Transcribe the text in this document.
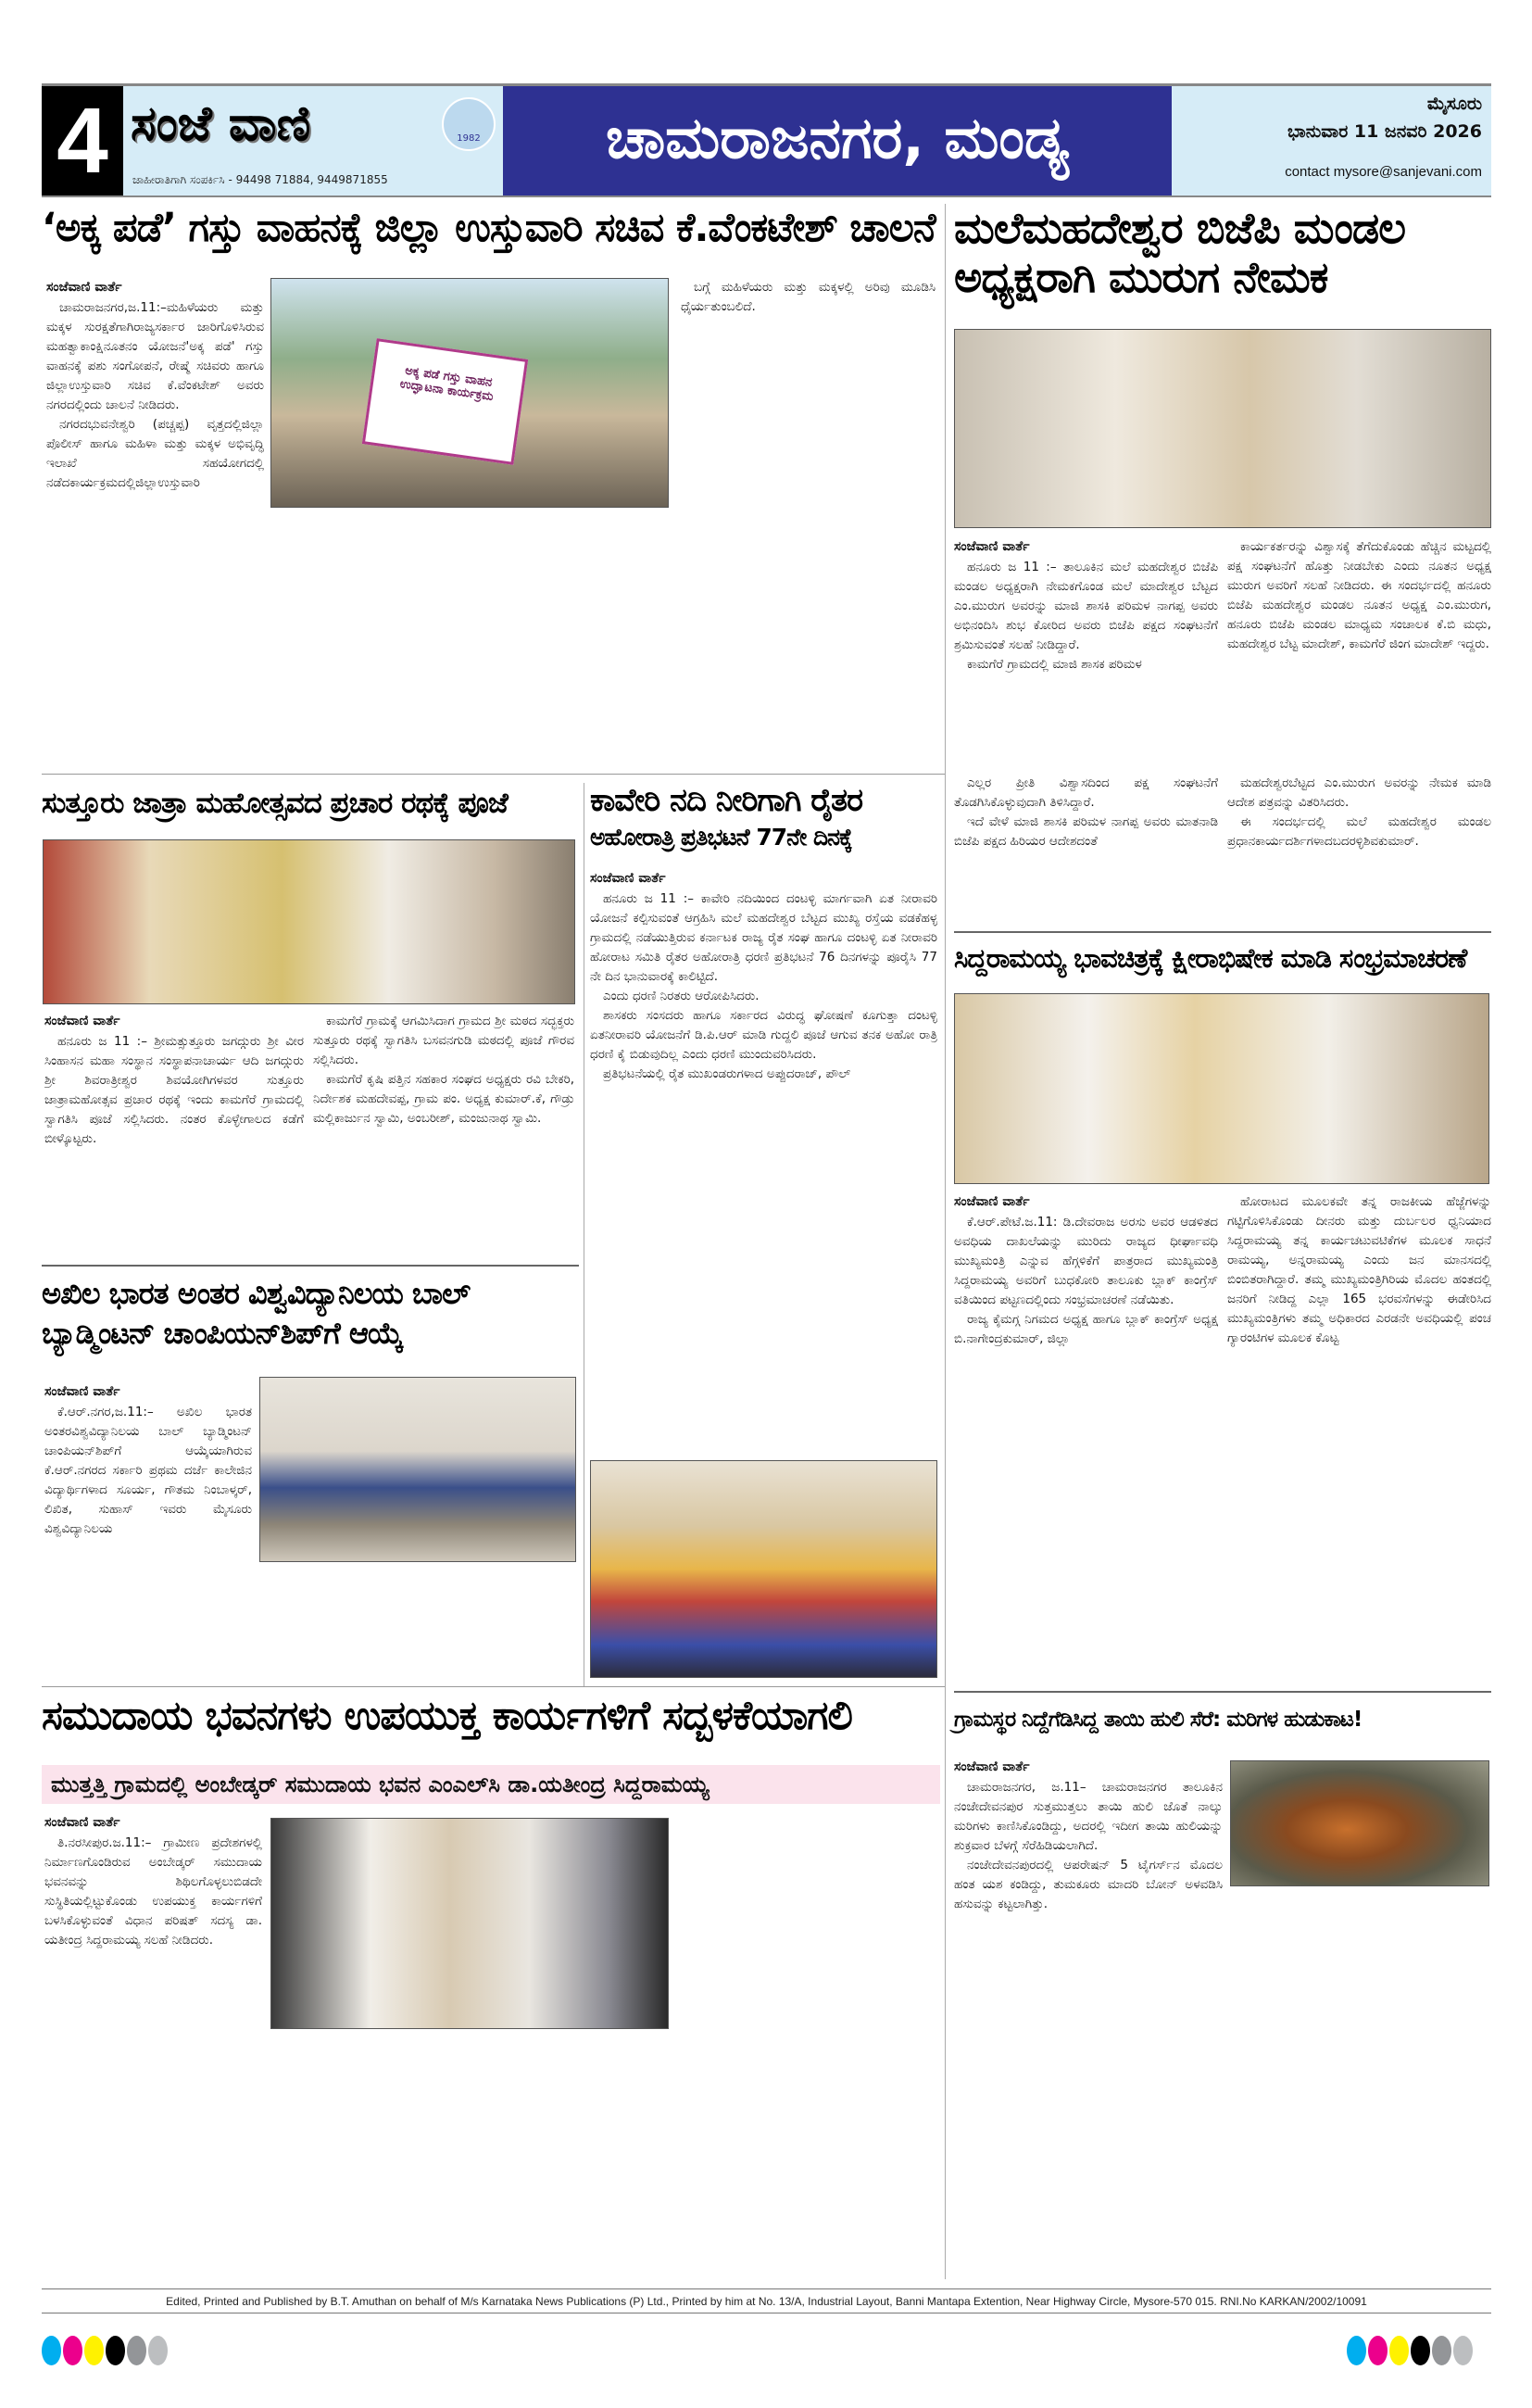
4 ಸಂಜೆ ವಾಣಿ	1982
ಜಾಹೀರಾತಿಗಾಗಿ ಸಂಪರ್ಕಿಸಿ - 94498 71884, 9449871855
ಚಾಮರಾಜನಗರ, ಮಂಡ್ಯ	ಮೈಸೂರು
ಭಾನುವಾರ 11 ಜನವರಿ 2026
contact mysore@sanjevani.com
‘ಅಕ್ಕ ಪಡೆ’ ಗಸ್ತು ವಾಹನಕ್ಕೆ ಜಿಲ್ಲಾ ಉಸ್ತುವಾರಿ ಸಚಿವ ಕೆ.ವೆಂಕಟೇಶ್ ಚಾಲನೆ

ಸಂಜೆವಾಣಿ ವಾರ್ತೆ

ಚಾಮರಾಜನಗರ,ಜ.11:–ಮಹಿಳೆಯರು ಮತ್ತು ಮಕ್ಕಳ ಸುರಕ್ಷತೆಗಾಗಿರಾಜ್ಯಸರ್ಕಾರ ಜಾರಿಗೊಳಿಸಿರುವ ಮಹತ್ವಾಕಾಂಕ್ಷಿನೂತನಂ ಯೋಜನೆ'ಅಕ್ಕ ಪಡೆ' ಗಸ್ತು ವಾಹನಕ್ಕೆ ಪಶು ಸಂಗೋಪನೆ, ರೇಷ್ಮೆ ಸಚಿವರು ಹಾಗೂ ಜಿಲ್ಲಾಉಸ್ತುವಾರಿ ಸಚಿವ ಕೆ.ವೆಂಕಟೇಶ್ ಅವರು ನಗರದಲ್ಲಿಂದು ಚಾಲನೆ ನೀಡಿದರು.

ನಗರದಭುವನೇಶ್ವರಿ (ಪಚ್ಚಪ್ಪ) ವೃತ್ತದಲ್ಲಿಜಿಲ್ಲಾ ಪೊಲೀಸ್ ಹಾಗೂ ಮಹಿಳಾ ಮತ್ತು ಮಕ್ಕಳ ಅಭಿವೃದ್ಧಿ ಇಲಾಖೆ ಸಹಯೋಗದಲ್ಲಿ ನಡೆದಕಾರ್ಯಕ್ರಮದಲ್ಲಿಜಿಲ್ಲಾಉಸ್ತುವಾರಿ

ಅಕ್ಕ ಪಡೆ ಗಸ್ತು ವಾಹನ ಉದ್ಘಾಟನಾ ಕಾರ್ಯಕ್ರಮ

ಬಗ್ಗೆ ಮಹಿಳೆಯರು ಮತ್ತು ಮಕ್ಕಳಲ್ಲಿ ಅರಿವು ಮೂಡಿಸಿ ಧೈರ್ಯತುಂಬಲಿದೆ.

ಮಲೆಮಹದೇಶ್ವರ ಬಿಜೆಪಿ ಮಂಡಲ
ಅಧ್ಯಕ್ಷರಾಗಿ ಮುರುಗ ನೇಮಕ

ಸಂಜೆವಾಣಿ ವಾರ್ತೆ

ಹನೂರು ಜ 11 :– ತಾಲೂಕಿನ ಮಲೆ ಮಹದೇಶ್ವರ ಬಿಜೆಪಿ ಮಂಡಲ ಅಧ್ಯಕ್ಷರಾಗಿ ನೇಮಕಗೊಂಡ ಮಲೆ ಮಾದೇಶ್ವರ ಬೆಟ್ಟದ ಎಂ.ಮುರುಗ ಅವರನ್ನು ಮಾಜಿ ಶಾಸಕಿ ಪರಿಮಳ ನಾಗಪ್ಪ ಅವರು ಅಭಿನಂದಿಸಿ ಶುಭ ಕೋರಿದ ಅವರು ಬಿಜೆಪಿ ಪಕ್ಷದ ಸಂಘಟನೆಗೆ ಶ್ರಮಿಸುವಂತೆ ಸಲಹೆ ನೀಡಿದ್ದಾರೆ.

ಕಾಮಗೆರೆ ಗ್ರಾಮದಲ್ಲಿ ಮಾಜಿ ಶಾಸಕ ಪರಿಮಳ

ಕಾರ್ಯಕರ್ತರನ್ನು ವಿಶ್ವಾಸಕ್ಕೆ ತೆಗೆದುಕೊಂಡು ಹೆಚ್ಚಿನ ಮಟ್ಟದಲ್ಲಿ ಪಕ್ಷ ಸಂಘಟನೆಗೆ ಹೊತ್ತು ನೀಡಬೇಕು ಎಂದು ನೂತನ ಅಧ್ಯಕ್ಷ ಮುರುಗ ಅವರಿಗೆ ಸಲಹೆ ನೀಡಿದರು. ಈ ಸಂದರ್ಭದಲ್ಲಿ ಹನೂರು ಬಿಜೆಪಿ ಮಹದೇಶ್ವರ ಮಂಡಲ ನೂತನ ಅಧ್ಯಕ್ಷ ಎಂ.ಮುರುಗ, ಹನೂರು ಬಿಜೆಪಿ ಮಂಡಲ ಮಾಧ್ಯಮ ಸಂಚಾಲಕ ಕೆ.ಬಿ ಮಧು, ಮಹದೇಶ್ವರ ಬೆಟ್ಟ ಮಾದೇಶ್, ಕಾಮಗೆರೆ ಜಿಂಗ ಮಾದೇಶ್ ಇದ್ದರು.

ಎಲ್ಲರ ಪ್ರೀತಿ ವಿಶ್ವಾಸದಿಂದ ಪಕ್ಷ ಸಂಘಟನೆಗೆ ತೊಡಗಿಸಿಕೊಳ್ಳುವುದಾಗಿ ತಿಳಿಸಿದ್ದಾರೆ.

ಇದೆ ವೇಳೆ ಮಾಜಿ ಶಾಸಕಿ ಪರಿಮಳ ನಾಗಪ್ಪ ಅವರು ಮಾತನಾಡಿ ಬಿಜೆಪಿ ಪಕ್ಷದ ಹಿರಿಯರ ಆದೇಶದಂತೆ

ಮಹದೇಶ್ವರಬೆಟ್ಟದ ಎಂ.ಮುರುಗ ಅವರನ್ನು ನೇಮಕ ಮಾಡಿ ಆದೇಶ ಪತ್ರವನ್ನು ವಿತರಿಸಿದರು.

ಈ ಸಂದರ್ಭದಲ್ಲಿ ಮಲೆ ಮಹದೇಶ್ವರ ಮಂಡಲ ಪ್ರಧಾನಕಾರ್ಯದರ್ಶಿಗಳಾದಬದರಳ್ಳಿಶಿವಕುಮಾರ್.

ಸುತ್ತೂರು ಜಾತ್ರಾ ಮಹೋತ್ಸವದ ಪ್ರಚಾರ ರಥಕ್ಕೆ ಪೂಜೆ

ಸಂಜೆವಾಣಿ ವಾರ್ತೆ

ಹನೂರು ಜ 11 :– ಶ್ರೀಮತ್ಸುತ್ತೂರು ಜಗದ್ಗುರು ಶ್ರೀ ವೀರ ಸಿಂಹಾಸನ ಮಹಾ ಸಂಸ್ಥಾನ ಸಂಸ್ಥಾಪನಾಚಾರ್ಯ ಆದಿ ಜಗದ್ಗುರು ಶ್ರೀ ಶಿವರಾತ್ರೀಶ್ವರ ಶಿವಯೋಗಿಗಳವರ ಸುತ್ತೂರು ಜಾತ್ರಾಮಹೋತ್ಸವ ಪ್ರಚಾರ ರಥಕ್ಕೆ ಇಂದು ಕಾಮಗೆರೆ ಗ್ರಾಮದಲ್ಲಿ ಸ್ವಾಗತಿಸಿ ಪೂಜೆ ಸಲ್ಲಿಸಿದರು. ನಂತರ ಕೊಳ್ಳೇಗಾಲದ ಕಡೆಗೆ ಬೀಳ್ಕೊಟ್ಟರು.

ಕಾಮಗೆರೆ ಗ್ರಾಮಕ್ಕೆ ಆಗಮಿಸಿದಾಗ ಗ್ರಾಮದ ಶ್ರೀ ಮಠದ ಸದ್ಭಕ್ತರು ಸುತ್ತೂರು ರಥಕ್ಕೆ ಸ್ವಾಗತಿಸಿ ಬಸವನಗುಡಿ ಮಠದಲ್ಲಿ ಪೂಜೆ ಗೌರವ ಸಲ್ಲಿಸಿದರು.

ಕಾಮಗೆರೆ ಕೃಷಿ ಪತ್ತಿನ ಸಹಕಾರ ಸಂಘದ ಅಧ್ಯಕ್ಷರು ರವಿ ಬೇಕರಿ, ನಿರ್ದೇಶಕ ಮಹದೇವಪ್ಪ, ಗ್ರಾಮ ಪಂ. ಅಧ್ಯಕ್ಷ ಕುಮಾರ್.ಕೆ, ಗೌಡ್ರು ಮಲ್ಲಿಕಾರ್ಜುನ ಸ್ವಾಮಿ, ಅಂಬರೀಶ್, ಮಂಜುನಾಥ ಸ್ವಾಮಿ.

ಕಾವೇರಿ ನದಿ ನೀರಿಗಾಗಿ ರೈತರ
ಅಹೋರಾತ್ರಿ ಪ್ರತಿಭಟನೆ 77ನೇ ದಿನಕ್ಕೆ

ಸಂಜೆವಾಣಿ ವಾರ್ತೆ

ಹನೂರು ಜ 11 :– ಕಾವೇರಿ ನದಿಯಿಂದ ದಂಟಳ್ಳಿ ಮಾರ್ಗವಾಗಿ ಏತ ನೀರಾವರಿ ಯೋಜನೆ ಕಲ್ಪಿಸುವಂತೆ ಆಗ್ರಹಿಸಿ ಮಲೆ ಮಹದೇಶ್ವರ ಬೆಟ್ಟದ ಮುಖ್ಯ ರಸ್ತೆಯ ವಡಕೆಹಳ್ಳ ಗ್ರಾಮದಲ್ಲಿ ನಡೆಯುತ್ತಿರುವ ಕರ್ನಾಟಕ ರಾಜ್ಯ ರೈತ ಸಂಘ ಹಾಗೂ ದಂಟಳ್ಳಿ ಏತ ನೀರಾವರಿ ಹೋರಾಟ ಸಮಿತಿ ರೈತರ ಅಹೋರಾತ್ರಿ ಧರಣಿ ಪ್ರತಿಭಟನೆ 76 ದಿನಗಳನ್ನು ಪೂರೈಸಿ 77 ನೇ ದಿನ ಭಾನುವಾರಕ್ಕೆ ಕಾಲಿಟ್ಟಿದೆ.

ಎಂದು ಧರಣಿ ನಿರತರು ಆರೋಪಿಸಿದರು.

ಶಾಸಕರು ಸಂಸದರು ಹಾಗೂ ಸರ್ಕಾರದ ವಿರುದ್ಧ ಘೋಷಣೆ ಕೂಗುತ್ತಾ ದಂಟಳ್ಳಿ ಏತನೀರಾವರಿ ಯೋಜನೆಗೆ ಡಿ.ಪಿ.ಆರ್ ಮಾಡಿ ಗುದ್ದಲಿ ಪೂಜೆ ಆಗುವ ತನಕ ಅಹೋ ರಾತ್ರಿ ಧರಣಿ ಕೈ ಬಿಡುವುದಿಲ್ಲ ಎಂದು ಧರಣಿ ಮುಂದುವರಿಸಿದರು.

ಪ್ರತಿಭಟನೆಯಲ್ಲಿ ರೈತ ಮುಖಂಡರುಗಳಾದ ಅಪ್ಪುದರಾಜ್, ಪೌಲ್

ಸಿದ್ದರಾಮಯ್ಯ ಭಾವಚಿತ್ರಕ್ಕೆ ಕ್ಷೀರಾಭಿಷೇಕ ಮಾಡಿ ಸಂಭ್ರಮಾಚರಣೆ

ಸಂಜೆವಾಣಿ ವಾರ್ತೆ

ಕೆ.ಆರ್.ಪೇಟೆ.ಜ.11: ಡಿ.ದೇವರಾಜ ಅರಸು ಅವರ ಆಡಳಿತದ ಅವಧಿಯ ದಾಖಲೆಯನ್ನು ಮುರಿದು ರಾಜ್ಯದ ಧೀರ್ಘಾವಧಿ ಮುಖ್ಯಮಂತ್ರಿ ಎನ್ನುವ ಹೆಗ್ಗಳಿಕೆಗೆ ಪಾತ್ರರಾದ ಮುಖ್ಯಮಂತ್ರಿ ಸಿದ್ದರಾಮಯ್ಯ ಅವರಿಗೆ ಬುಧಕೋರಿ ತಾಲೂಕು ಬ್ಲಾಕ್ ಕಾಂಗ್ರೆಸ್ ವತಿಯಿಂದ ಪಟ್ಟಣದಲ್ಲಿಂದು ಸಂಭ್ರಮಾಚರಣೆ ನಡೆಯಿತು.

ರಾಜ್ಯ ಕೈಮಗ್ಗ ನಿಗಮದ ಅಧ್ಯಕ್ಷ ಹಾಗೂ ಬ್ಲಾಕ್ ಕಾಂಗ್ರೆಸ್ ಅಧ್ಯಕ್ಷ ಬಿ.ನಾಗೇಂದ್ರಕುಮಾರ್, ಜಿಲ್ಲಾ

ಹೋರಾಟದ ಮೂಲಕವೇ ತನ್ನ ರಾಜಕೀಯ ಹೆಜ್ಜೆಗಳನ್ನು ಗಟ್ಟಿಗೊಳಿಸಿಕೊಂಡು ದೀನರು ಮತ್ತು ದುರ್ಬಲರ ಧ್ವನಿಯಾದ ಸಿದ್ದರಾಮಯ್ಯ ತನ್ನ ಕಾರ್ಯಚಟುವಟಿಕೆಗಳ ಮೂಲಕ ಸಾಧನೆ ರಾಮಯ್ಯ, ಅನ್ನರಾಮಯ್ಯ ಎಂದು ಜನ ಮಾನಸದಲ್ಲಿ ಬಿಂಬಿತರಾಗಿದ್ದಾರೆ. ತಮ್ಮ ಮುಖ್ಯಮಂತ್ರಿಗಿರಿಯ ಮೊದಲ ಹಂತದಲ್ಲಿ ಜನರಿಗೆ ನೀಡಿದ್ದ ಎಲ್ಲಾ 165 ಭರವಸೆಗಳನ್ನು ಈಡೇರಿಸಿದ ಮುಖ್ಯಮಂತ್ರಿಗಳು ತಮ್ಮ ಅಧಿಕಾರದ ಎರಡನೇ ಅವಧಿಯಲ್ಲಿ ಪಂಚ ಗ್ಯಾರಂಟಿಗಳ ಮೂಲಕ ಕೊಟ್ಟ

ಅಖಿಲ ಭಾರತ ಅಂತರ ವಿಶ್ವವಿದ್ಯಾನಿಲಯ ಬಾಲ್
ಬ್ಯಾಡ್ಮಿಂಟನ್ ಚಾಂಪಿಯನ್‌ಶಿಪ್‌ಗೆ ಆಯ್ಕೆ

ಸಂಜೆವಾಣಿ ವಾರ್ತೆ

ಕೆ.ಆರ್.ನಗರ,ಜ.11:– ಅಖಿಲ ಭಾರತ ಅಂತರವಿಶ್ವವಿದ್ಯಾನಿಲಯ ಬಾಲ್ ಬ್ಯಾಡ್ಮಿಂಟನ್ ಚಾಂಪಿಯನ್‌ಶಿಪ್‌ಗೆ ಆಯ್ಕೆಯಾಗಿರುವ ಕೆ.ಆರ್.ನಗರದ ಸರ್ಕಾರಿ ಪ್ರಥಮ ದರ್ಜೆ ಕಾಲೇಜಿನ ವಿದ್ಯಾರ್ಥಿಗಳಾದ ಸೂರ್ಯ, ಗೌತಮ ನಿಂಬಾಳ್ಕರ್, ಲಿಖಿತ, ಸುಹಾಸ್ ಇವರು ಮೈಸೂರು ವಿಶ್ವವಿದ್ಯಾನಿಲಯ

ಸಮುದಾಯ ಭವನಗಳು ಉಪಯುಕ್ತ ಕಾರ್ಯಗಳಿಗೆ ಸದ್ಬಳಕೆಯಾಗಲಿ
ಮುತ್ತತ್ತಿ ಗ್ರಾಮದಲ್ಲಿ ಅಂಬೇಡ್ಕರ್ ಸಮುದಾಯ ಭವನ ಎಂಎಲ್‌ಸಿ ಡಾ.ಯತೀಂದ್ರ ಸಿದ್ದರಾಮಯ್ಯ

ಸಂಜೆವಾಣಿ ವಾರ್ತೆ

ತಿ.ನರಸೀಪುರ.ಜ.11:– ಗ್ರಾಮೀಣ ಪ್ರದೇಶಗಳಲ್ಲಿ ನಿರ್ಮಾಣಗೊಂಡಿರುವ ಅಂಬೇಡ್ಕರ್ ಸಮುದಾಯ ಭವನವನ್ನು ಶಿಥಿಲಗೊಳ್ಳಲುಬಿಡದೇ ಸುಸ್ಥಿತಿಯಲ್ಲಿಟ್ಟುಕೊಂಡು ಉಪಯುಕ್ತ ಕಾರ್ಯಗಳಿಗೆ ಬಳಸಿಕೊಳ್ಳುವಂತೆ ವಿಧಾನ ಪರಿಷತ್ ಸದಸ್ಯ ಡಾ. ಯತೀಂದ್ರ ಸಿದ್ದರಾಮಯ್ಯ ಸಲಹೆ ನೀಡಿದರು.

ಗ್ರಾಮಸ್ಥರ ನಿದ್ದೆಗೆಡಿಸಿದ್ದ ತಾಯಿ ಹುಲಿ ಸೆರೆ: ಮರಿಗಳ ಹುಡುಕಾಟ!

ಸಂಜೆವಾಣಿ ವಾರ್ತೆ

ಚಾಮರಾಜನಗರ, ಜ.11– ಚಾಮರಾಜನಗರ ತಾಲೂಕಿನ ನಂಜೇದೇವನಪುರ ಸುತ್ತಮುತ್ತಲು ತಾಯಿ ಹುಲಿ ಜೊತೆ ನಾಲ್ಕು ಮರಿಗಳು ಕಾಣಿಸಿಕೊಂಡಿದ್ದು, ಅದರಲ್ಲಿ ಇದೀಗ ತಾಯಿ ಹುಲಿಯನ್ನು ಶುಕ್ರವಾರ ಬೆಳಗ್ಗೆ ಸೆರೆಹಿಡಿಯಲಾಗಿದೆ.

ನಂಜೇದೇವನಪುರದಲ್ಲಿ ಆಪರೇಷನ್ 5 ಟೈಗರ್ಸ್‌ನ ಮೊದಲ ಹಂತ ಯಶ ಕಂಡಿದ್ದು, ತುಮಕೂರು ಮಾದರಿ ಬೋನ್ ಅಳವಡಿಸಿ ಹಸುವನ್ನು ಕಟ್ಟಲಾಗಿತ್ತು.

Edited, Printed and Published by B.T. Amuthan on behalf of M/s Karnataka News Publications (P) Ltd., Printed by him at No. 13/A, Industrial Layout, Banni Mantapa Extention, Near Highway Circle, Mysore-570 015. RNI.No KARKAN/2002/10091
